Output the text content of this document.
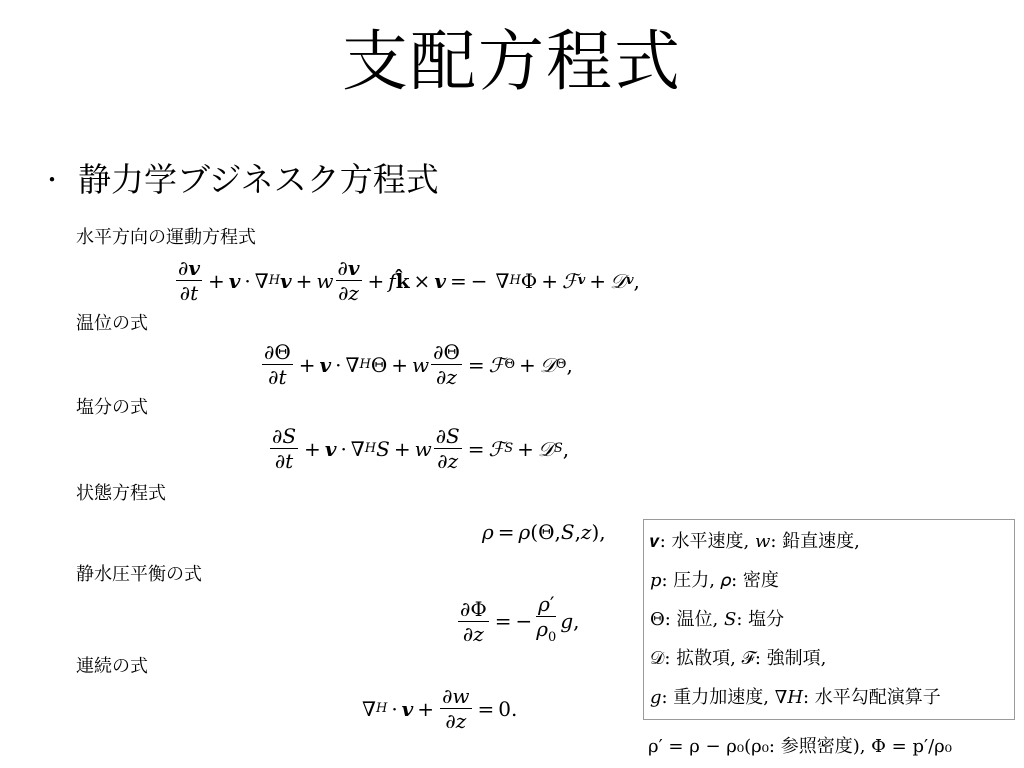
支配方程式
・ 静力学ブジネスク方程式
水平方向の運動方程式
$\frac{\partial v}{\partial t} + v$ · ∇ H v + w $\frac{\partial v}{\partial z} + f$ k̂ × v = − ∇ H Φ + ℱ v + 𝒟 v ,
温位の式
$\frac{\partial\Theta}{\partial t} + v$ · ∇ H Θ + w $\frac{\partial\Theta}{\partial z}$ = ℱ Θ + 𝒟 Θ ,
塩分の式
$\frac{\partial S}{\partial t} + v$ · ∇ H S + w $\frac{\partial S}{\partial z}$ = ℱ S + 𝒟 S ,
状態方程式
ρ = ρ (Θ, S , z ),
静水圧平衡の式
$\frac{\partial\Phi}{\partial z}$ = − $\frac{\rho'}{\rho_0}$ g ,
連続の式
∇ $H \cdot v + \frac{\partial w}{\partial z} = 0$.
𝒗: 水平速度, 𝑤: 鉛直速度,
𝑝: 圧力, 𝜌: 密度
Θ: 温位, 𝑆: 塩分
𝒟: 拡散項, ℱ: 強制項,
𝑔: 重力加速度, ∇𝐻: 水平勾配演算子
ρ′ = ρ − ρ₀(ρ₀: 参照密度), Φ = p′/ρ₀
